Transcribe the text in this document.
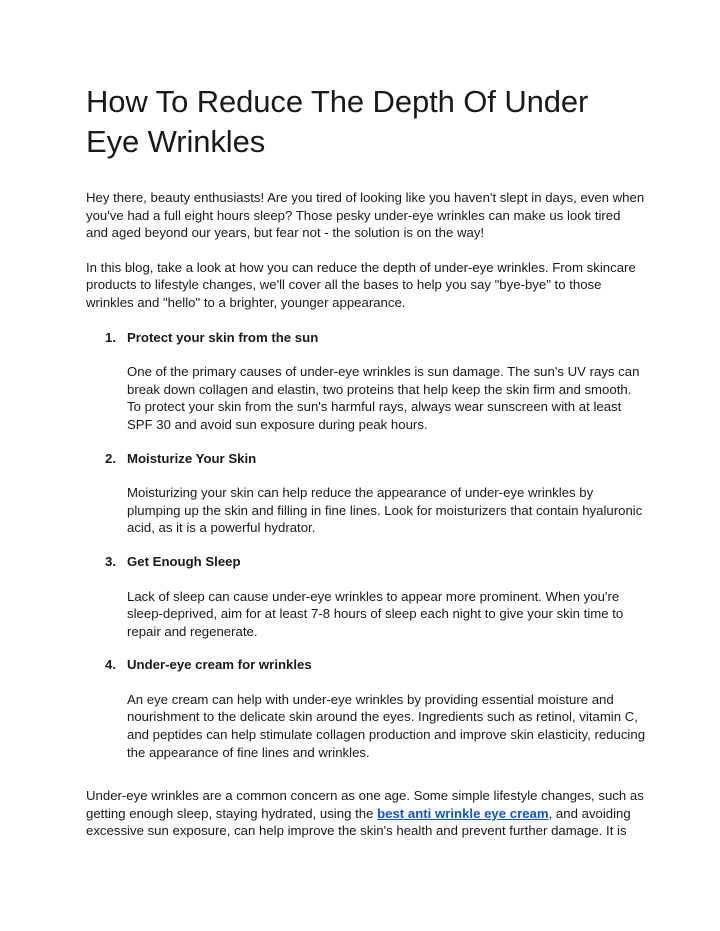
How To Reduce The Depth Of Under Eye Wrinkles

Hey there, beauty enthusiasts! Are you tired of looking like you haven't slept in days, even when you've had a full eight hours sleep? Those pesky under-eye wrinkles can make us look tired and aged beyond our years, but fear not - the solution is on the way!

In this blog, take a look at how you can reduce the depth of under-eye wrinkles. From skincare products to lifestyle changes, we'll cover all the bases to help you say "bye-bye" to those wrinkles and "hello" to a brighter, younger appearance.

1. Protect your skin from the sun

One of the primary causes of under-eye wrinkles is sun damage. The sun's UV rays can break down collagen and elastin, two proteins that help keep the skin firm and smooth. To protect your skin from the sun's harmful rays, always wear sunscreen with at least SPF 30 and avoid sun exposure during peak hours.

2. Moisturize Your Skin

Moisturizing your skin can help reduce the appearance of under-eye wrinkles by plumping up the skin and filling in fine lines. Look for moisturizers that contain hyaluronic acid, as it is a powerful hydrator.

3. Get Enough Sleep

Lack of sleep can cause under-eye wrinkles to appear more prominent. When you're sleep-deprived, aim for at least 7-8 hours of sleep each night to give your skin time to repair and regenerate.

4. Under-eye cream for wrinkles

An eye cream can help with under-eye wrinkles by providing essential moisture and nourishment to the delicate skin around the eyes. Ingredients such as retinol, vitamin C, and peptides can help stimulate collagen production and improve skin elasticity, reducing the appearance of fine lines and wrinkles.

Under-eye wrinkles are a common concern as one age. Some simple lifestyle changes, such as getting enough sleep, staying hydrated, using the best anti wrinkle eye cream, and avoiding excessive sun exposure, can help improve the skin's health and prevent further damage. It is
